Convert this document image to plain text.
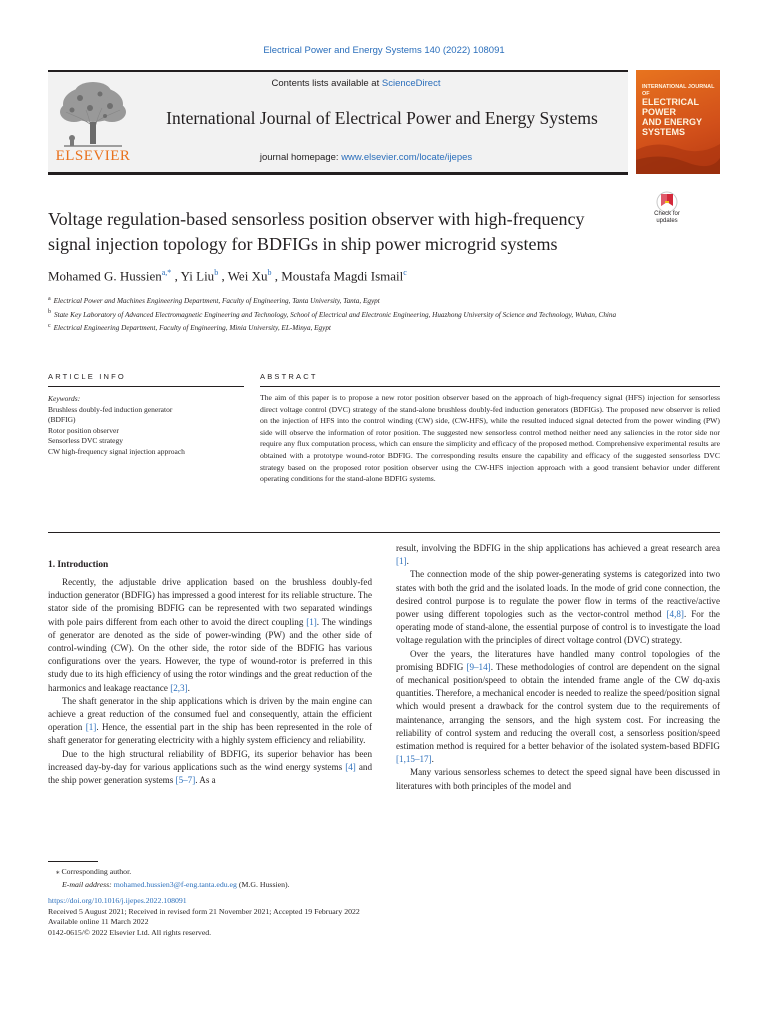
Electrical Power and Energy Systems 140 (2022) 108091
ELSEVIER
Contents lists available at ScienceDirect
International Journal of Electrical Power and Energy Systems
journal homepage: www.elsevier.com/locate/ijepes
INTERNATIONAL JOURNAL OF
ELECTRICAL
POWER
AND ENERGY
SYSTEMS
Voltage regulation-based sensorless position observer with high-frequency signal injection topology for BDFIGs in ship power microgrid systems
Check for updates
Mohamed G. Hussien$^{a,*}$ , Yi Liu$^b$ , Wei Xu$^b$ , Moustafa Magdi Ismail$^c$
$^a$ Electrical Power and Machines Engineering Department, Faculty of Engineering, Tanta University, Tanta, Egypt
$^b$ State Key Laboratory of Advanced Electromagnetic Engineering and Technology, School of Electrical and Electronic Engineering, Huazhong University of Science and Technology, Wuhan, China
$^c$ Electrical Engineering Department, Faculty of Engineering, Minia University, EL-Minya, Egypt
ARTICLE INFO	ABSTRACT
Keywords:
Brushless doubly-fed induction generator
(BDFIG)
Rotor position observer
Sensorless DVC strategy
CW high-frequency signal injection approach
The aim of this paper is to propose a new rotor position observer based on the approach of high-frequency signal (HFS) injection for sensorless direct voltage control (DVC) strategy of the stand-alone brushless doubly-fed induction generators (BDFIGs). The proposed new observer is relied on the injection of HFS into the control winding (CW) side, (CW-HFS), while the resulted induced signal detected from the power winding (PW) side will observe the information of rotor position. The suggested new sensorless control method neither need any saliencies in the rotor side nor require any flux computation process, which can ensure the simplicity and efficacy of the proposed method. Comprehensive experimental results are obtained with a prototype wound-rotor BDFIG. The corresponding results ensure the capability and efficacy of the suggested sensorless DVC strategy based on the proposed rotor position observer using the CW-HFS injection approach with a good transient behavior under different operating conditions for the stand-alone BDFIG systems.
1. Introduction

Recently, the adjustable drive application based on the brushless doubly-fed induction generator (BDFIG) has impressed a good interest for its reliable structure. The stator side of the promising BDFIG can be represented with two separated windings with pole pairs different from each other to avoid the direct coupling [1]. The windings of generator are denoted as the side of power-winding (PW) and the other side of control-winding (CW). On the other side, the rotor side of the BDFIG has various configurations over the years. However, the type of wound-rotor is preferred in this study due to its high efficiency of using the rotor windings and the great reduction of the harmonics and leakage reactance [2,3].

The shaft generator in the ship applications which is driven by the main engine can achieve a great reduction of the consumed fuel and consequently, attain the efficient operation [1]. Hence, the essential part in the ship has been represented in the role of shaft generator for generating electricity with a highly system efficiency and reliability.

Due to the high structural reliability of BDFIG, its superior behavior has been increased day-by-day for various applications such as the wind energy systems [4] and the ship power generation systems [5–7]. As a

result, involving the BDFIG in the ship applications has achieved a great research area [1].

The connection mode of the ship power-generating systems is categorized into two states with both the grid and the isolated loads. In the mode of grid cone connection, the desired control purpose is to regulate the power flow in terms of the reactive/active power using different topologies such as the vector-control method [4,8]. For the operating mode of stand-alone, the essential purpose of control is to investigate the load voltage regulation with the principles of direct voltage control (DVC) strategy.

Over the years, the literatures have handled many control topologies of the promising BDFIG [9–14]. These methodologies of control are dependent on the signal of mechanical position/speed to obtain the intended frame angle of the CW dq-axis quantities. Therefore, a mechanical encoder is needed to realize the speed/position signal which would present a drawback for the control system due to the requirements of maintenance, arranging the sensors, and the high system cost. For increasing the reliability of control system and reducing the overall cost, a sensorless position/speed estimation method is required for a better behavior of the isolated system-based BDFIG [1,15–17].

Many various sensorless schemes to detect the speed signal have been discussed in literatures with both principles of the model and

⁎ Corresponding author.
E-mail address: mohamed.hussien3@f-eng.tanta.edu.eg (M.G. Hussien).
https://doi.org/10.1016/j.ijepes.2022.108091
Received 5 August 2021; Received in revised form 21 November 2021; Accepted 19 February 2022
Available online 11 March 2022
0142-0615/© 2022 Elsevier Ltd. All rights reserved.
